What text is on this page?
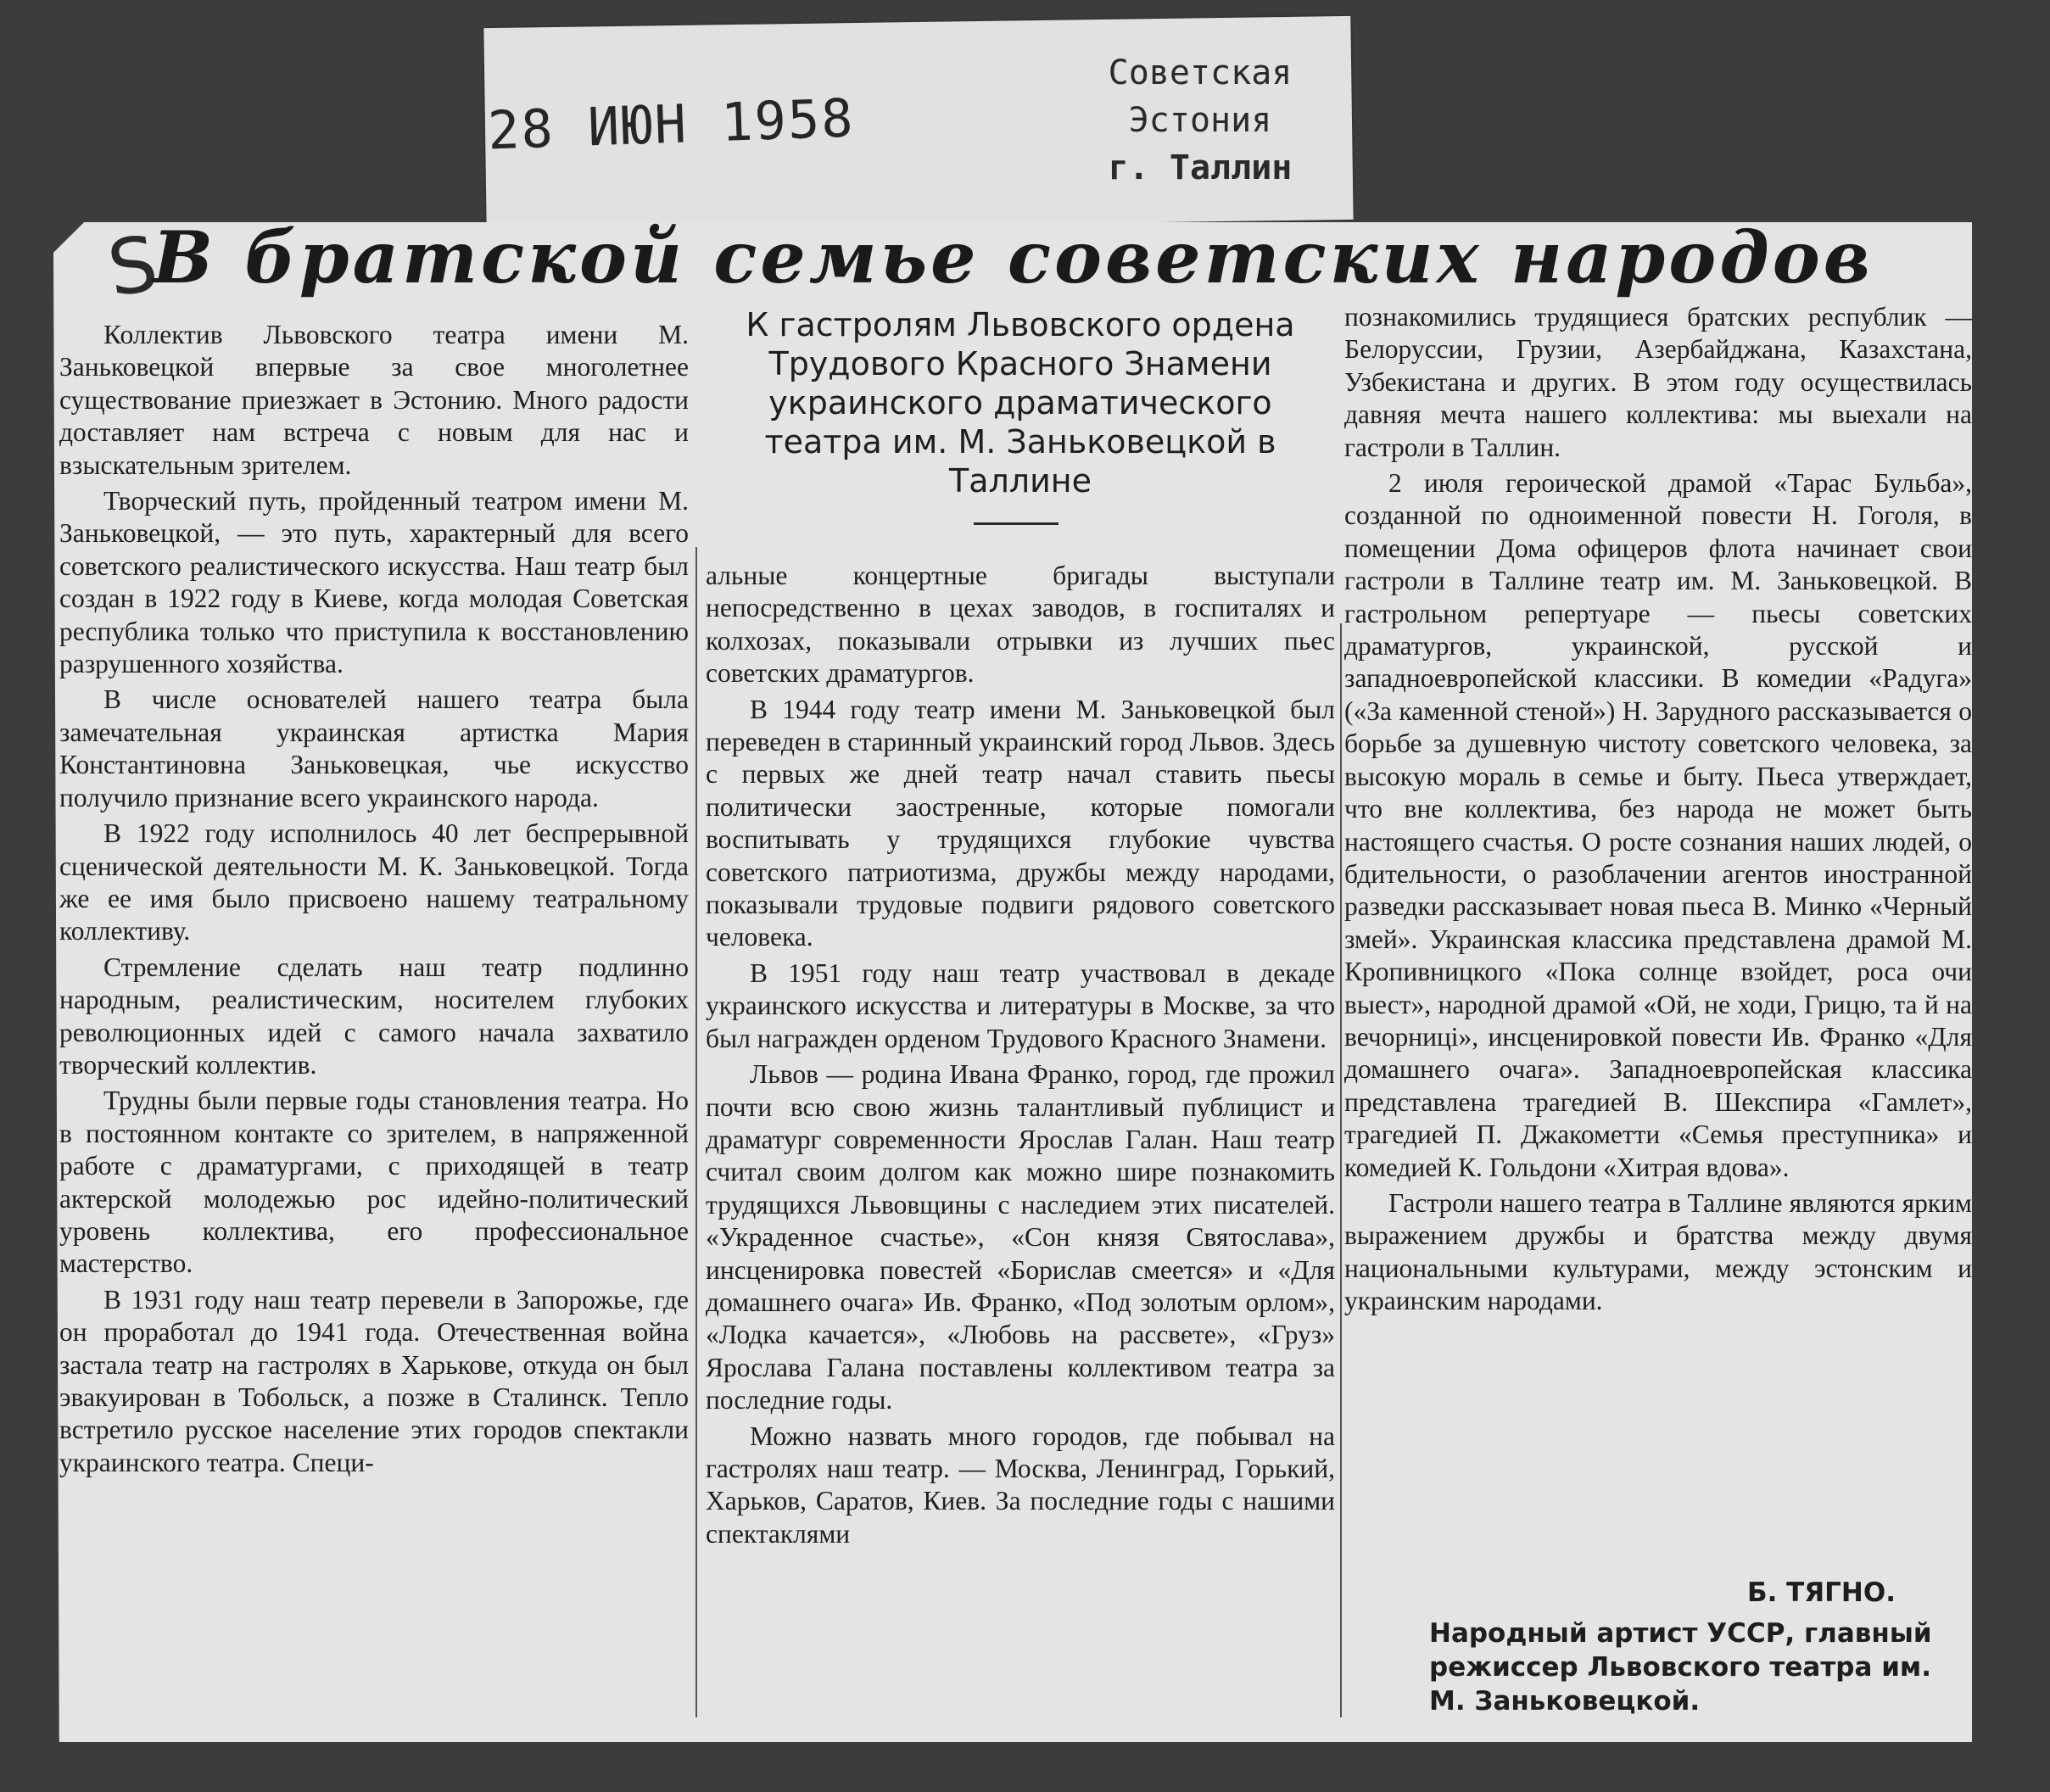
28 ИЮН 1958
Советская Эстония
г. Таллин
S
В братской семье советских народов

Коллектив Львовского театра имени М. Заньковецкой впервые за свое многолетнее существование приезжает в Эстонию. Много радости доставляет нам встреча с новым для нас и взыскательным зрителем.

Творческий путь, пройденный театром имени М. Заньковецкой, — это путь, характерный для всего советского реалистического искусства. Наш театр был создан в 1922 году в Киеве, когда молодая Советская республика только что приступила к восстановлению разрушенного хозяйства.

В числе основателей нашего театра была замечательная украинская артистка Мария Константиновна Заньковецкая, чье искусство получило признание всего украинского народа.

В 1922 году исполнилось 40 лет беспрерывной сценической деятельности М. К. Заньковецкой. Тогда же ее имя было присвоено нашему театральному коллективу.

Стремление сделать наш театр подлинно народным, реалистическим, носителем глубоких революционных идей с самого начала захватило творческий коллектив.

Трудны были первые годы становления театра. Но в постоянном контакте со зрителем, в напряженной работе с драматургами, с приходящей в театр актерской молодежью рос идейно-политический уровень коллектива, его профессиональное мастерство.

В 1931 году наш театр перевели в Запорожье, где он проработал до 1941 года. Отечественная война застала театр на гастролях в Харькове, откуда он был эвакуирован в Тобольск, а позже в Сталинск. Тепло встретило русское население этих городов спектакли украинского театра. Специ-

К гастролям Львовского ордена Трудового Красного Знамени украинского драматического театра им. М. Заньковецкой в Таллине

альные концертные бригады выступали непосредственно в цехах заводов, в госпиталях и колхозах, показывали отрывки из лучших пьес советских драматургов.

В 1944 году театр имени М. Заньковецкой был переведен в старинный украинский город Львов. Здесь с первых же дней театр начал ставить пьесы политически заостренные, которые помогали воспитывать у трудящихся глубокие чувства советского патриотизма, дружбы между народами, показывали трудовые подвиги рядового советского человека.

В 1951 году наш театр участвовал в декаде украинского искусства и литературы в Москве, за что был награжден орденом Трудового Красного Знамени.

Львов — родина Ивана Франко, город, где прожил почти всю свою жизнь талантливый публицист и драматург современности Ярослав Галан. Наш театр считал своим долгом как можно шире познакомить трудящихся Львовщины с наследием этих писателей. «Украденное счастье», «Сон князя Святослава», инсценировка повестей «Борислав смеется» и «Для домашнего очага» Ив. Франко, «Под золотым орлом», «Лодка качается», «Любовь на рассвете», «Груз» Ярослава Галана поставлены коллективом театра за последние годы.

Можно назвать много городов, где побывал на гастролях наш театр. — Москва, Ленинград, Горький, Харьков, Саратов, Киев. За последние годы с нашими спектаклями

познакомились трудящиеся братских республик — Белоруссии, Грузии, Азербайджана, Казахстана, Узбекистана и других. В этом году осуществилась давняя мечта нашего коллектива: мы выехали на гастроли в Таллин.

2 июля героической драмой «Тарас Бульба», созданной по одноименной повести Н. Гоголя, в помещении Дома офицеров флота начинает свои гастроли в Таллине театр им. М. Заньковецкой. В гастрольном репертуаре — пьесы советских драматургов, украинской, русской и западноевропейской классики. В комедии «Радуга» («За каменной стеной») Н. Зарудного рассказывается о борьбе за душевную чистоту советского человека, за высокую мораль в семье и быту. Пьеса утверждает, что вне коллектива, без народа не может быть настоящего счастья. О росте сознания наших людей, о бдительности, о разоблачении агентов иностранной разведки рассказывает новая пьеса В. Минко «Черный змей». Украинская классика представлена драмой М. Кропивницкого «Пока солнце взойдет, роса очи выест», народной драмой «Ой, не ходи, Грицю, та й на вечорниці», инсценировкой повести Ив. Франко «Для домашнего очага». Западноевропейская классика представлена трагедией В. Шекспира «Гамлет», трагедией П. Джакометти «Семья преступника» и комедией К. Гольдони «Хитрая вдова».

Гастроли нашего театра в Таллине являются ярким выражением дружбы и братства между двумя национальными культурами, между эстонским и украинским народами.

Б. ТЯГНО.
Народный артист УССР, главный режиссер Львовского театра им. М. Заньковецкой.
